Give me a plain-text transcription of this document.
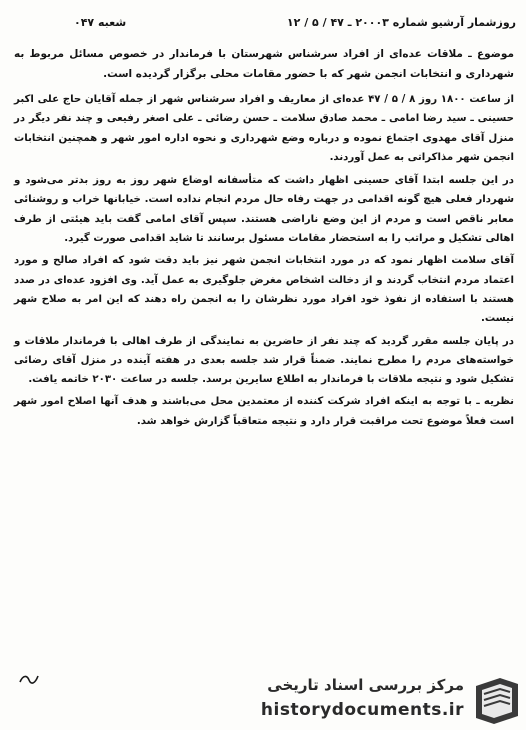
روزشمار آرشیو شماره ۲۰۰۰۳ ـ ۴۷ / ۵ / ۱۲
شعبه ۰۴۷
موضوع ـ ملاقات عده‌ای از افراد سرشناس شهرستان با فرماندار در خصوص مسائل مربوط به شهرداری و انتخابات انجمن شهر که با حضور مقامات محلی برگزار گردیده است.

از ساعت ۱۸۰۰ روز ۸ / ۵ / ۴۷ عده‌ای از معاریف و افراد سرشناس شهر از جمله آقایان حاج علی اکبر حسینی ـ سید رضا امامی ـ محمد صادق سلامت ـ حسن رضائی ـ علی اصغر رفیعی و چند نفر دیگر در منزل آقای مهدوی اجتماع نموده و درباره وضع شهرداری و نحوه اداره امور شهر و همچنین انتخابات انجمن شهر مذاکراتی به عمل آوردند.

در این جلسه ابتدا آقای حسینی اظهار داشت که متأسفانه اوضاع شهر روز به روز بدتر می‌شود و شهردار فعلی هیچ گونه اقدامی در جهت رفاه حال مردم انجام نداده است. خیابانها خراب و روشنائی معابر ناقص است و مردم از این وضع ناراضی هستند. سپس آقای امامی گفت باید هیئتی از طرف اهالی تشکیل و مراتب را به استحضار مقامات مسئول برسانند تا شاید اقدامی صورت گیرد.

آقای سلامت اظهار نمود که در مورد انتخابات انجمن شهر نیز باید دقت شود که افراد صالح و مورد اعتماد مردم انتخاب گردند و از دخالت اشخاص مغرض جلوگیری به عمل آید. وی افزود عده‌ای در صدد هستند با استفاده از نفوذ خود افراد مورد نظرشان را به انجمن راه دهند که این امر به صلاح شهر نیست.

در پایان جلسه مقرر گردید که چند نفر از حاضرین به نمایندگی از طرف اهالی با فرماندار ملاقات و خواسته‌های مردم را مطرح نمایند. ضمناً قرار شد جلسه بعدی در هفته آینده در منزل آقای رضائی تشکیل شود و نتیجه ملاقات با فرماندار به اطلاع سایرین برسد. جلسه در ساعت ۲۰۳۰ خاتمه یافت.

نظریه ـ با توجه به اینکه افراد شرکت کننده از معتمدین محل می‌باشند و هدف آنها اصلاح امور شهر است فعلاً موضوع تحت مراقبت قرار دارد و نتیجه متعاقباً گزارش خواهد شد.

مرکز بررسی اسناد تاریخی
historydocuments.ir
